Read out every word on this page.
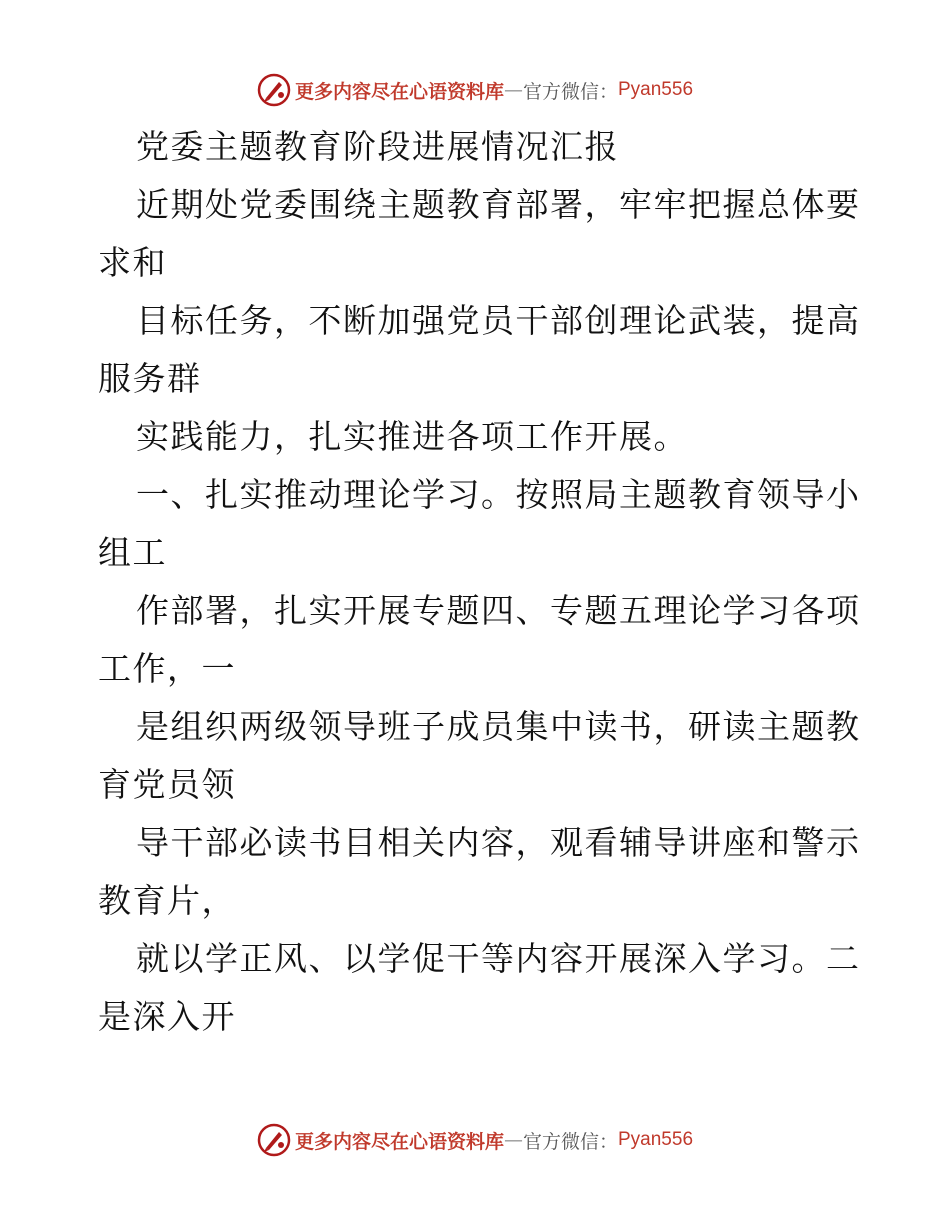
更多内容尽在心语资料库 — 官方微信： Pyan556
党委主题教育阶段进展情况汇报
近期处党委围绕主题教育部署，牢牢把握总体要
求和
目标任务，不断加强党员干部创理论武装，提高
服务群
实践能力，扎实推进各项工作开展。
一、扎实推动理论学习。按照局主题教育领导小
组工
作部署，扎实开展专题四、专题五理论学习各项
工作，一
是组织两级领导班子成员集中读书，研读主题教
育党员领
导干部必读书目相关内容，观看辅导讲座和警示
教育片，
就以学正风、以学促干等内容开展深入学习。二
是深入开
更多内容尽在心语资料库 — 官方微信： Pyan556
